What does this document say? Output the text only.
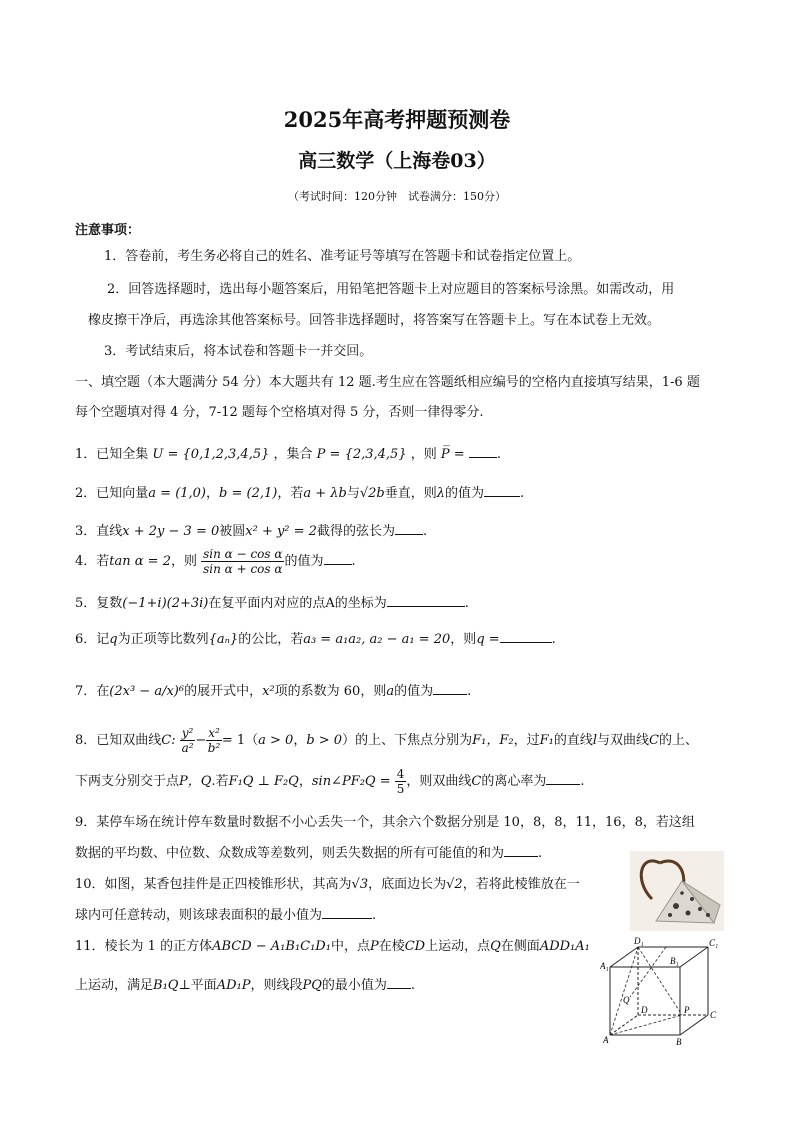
2025年高考押题预测卷
高三数学（上海卷03）
（考试时间：120分钟　试卷满分：150分）
注意事项：
1．答卷前，考生务必将自己的姓名、准考证号等填写在答题卡和试卷指定位置上。
2．回答选择题时，选出每小题答案后，用铅笔把答题卡上对应题目的答案标号涂黑。如需改动，用
橡皮擦干净后，再选涂其他答案标号。回答非选择题时，将答案写在答题卡上。写在本试卷上无效。
3．考试结束后，将本试卷和答题卡一并交回。
一、填空题（本大题满分 54 分）本大题共有 12 题.考生应在答题纸相应编号的空格内直接填写结果，1-6 题
每个空题填对得 4 分，7-12 题每个空格填对得 5 分，否则一律得零分.
1．已知全集 U = {0,1,2,3,4,5} ，集合 P = {2,3,4,5} ，则 P̅ = .
2．已知向量a = (1,0)，b = (2,1)，若a + λb与√2b垂直，则λ的值为	.
3．直线x + 2y − 3 = 0被圆x² + y² = 2截得的弦长为 .
4．若tan α = 2，则 $\frac{\text{sin α − cos α}}{\text{sin α + cos α}}$ 的值为 .
5．复数(−1+i)(2+3i)在复平面内对应的点A的坐标为	.
6．记q为正项等比数列{aₙ}的公比，若a₃ = a₁a₂, a₂ − a₁ = 20，则q =	.
7．在(2x³ − a/x)⁶的展开式中，x²项的系数为 60，则a的值为	.
8．已知双曲线C: $\frac{\text{y²}}{\text{a²}} - \frac{\text{x²}}{\text{b²}} = 1(a > 0$，b > 0）的上、下焦点分别为F₁，F₂，过F₁的直线l与双曲线C的上、
下两支分别交于点P，Q.若F₁Q ⊥ F₂Q，sin∠PF₂Q = $\frac{4}{5}$ ，则双曲线C的离心率为	.
9．某停车场在统计停车数量时数据不小心丢失一个，其余六个数据分别是 10，8，8，11，16，8，若这组
数据的平均数、中位数、众数成等差数列，则丢失数据的所有可能值的和为	.
10．如图，某香包挂件是正四棱锥形状，其高为√3，底面边长为√2，若将此棱锥放在一
球内可任意转动，则该球表面积的最小值为	.
11．棱长为 1 的正方体ABCD − A₁B₁C₁D₁中，点P在棱CD上运动，点Q在侧面ADD₁A₁
上运动，满足B₁Q⊥平面AD₁P，则线段PQ的最小值为 .
D₁	C₁
A₁	B₁
Q
D	P C
A	B
